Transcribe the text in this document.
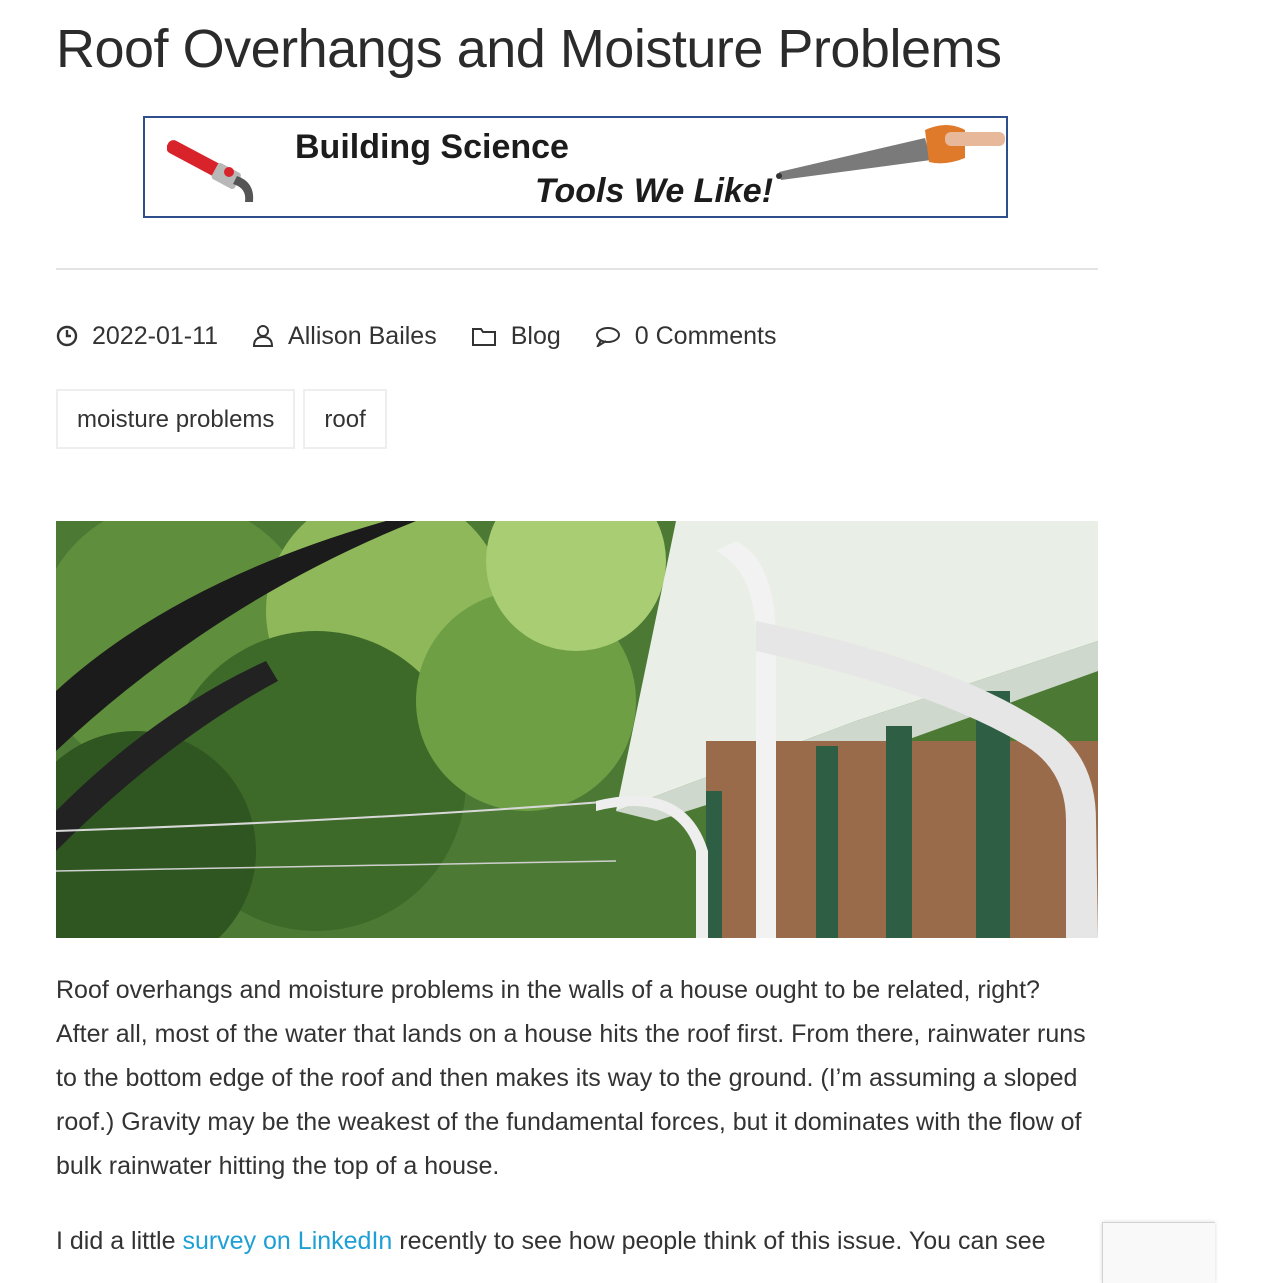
Roof Overhangs and Moisture Problems
Building Science
Tools We Like!
2022-01-11	Allison Bailes	Blog	0 Comments
moisture problems	roof

Roof overhangs and moisture problems in the walls of a house ought to be related, right? After all, most of the water that lands on a house hits the roof first. From there, rainwater runs to the bottom edge of the roof and then makes its way to the ground. (I’m assuming a sloped roof.) Gravity may be the weakest of the fundamental forces, but it dominates with the flow of bulk rainwater hitting the top of a house.

I did a little survey on LinkedIn recently to see how people think of this issue. You can see
